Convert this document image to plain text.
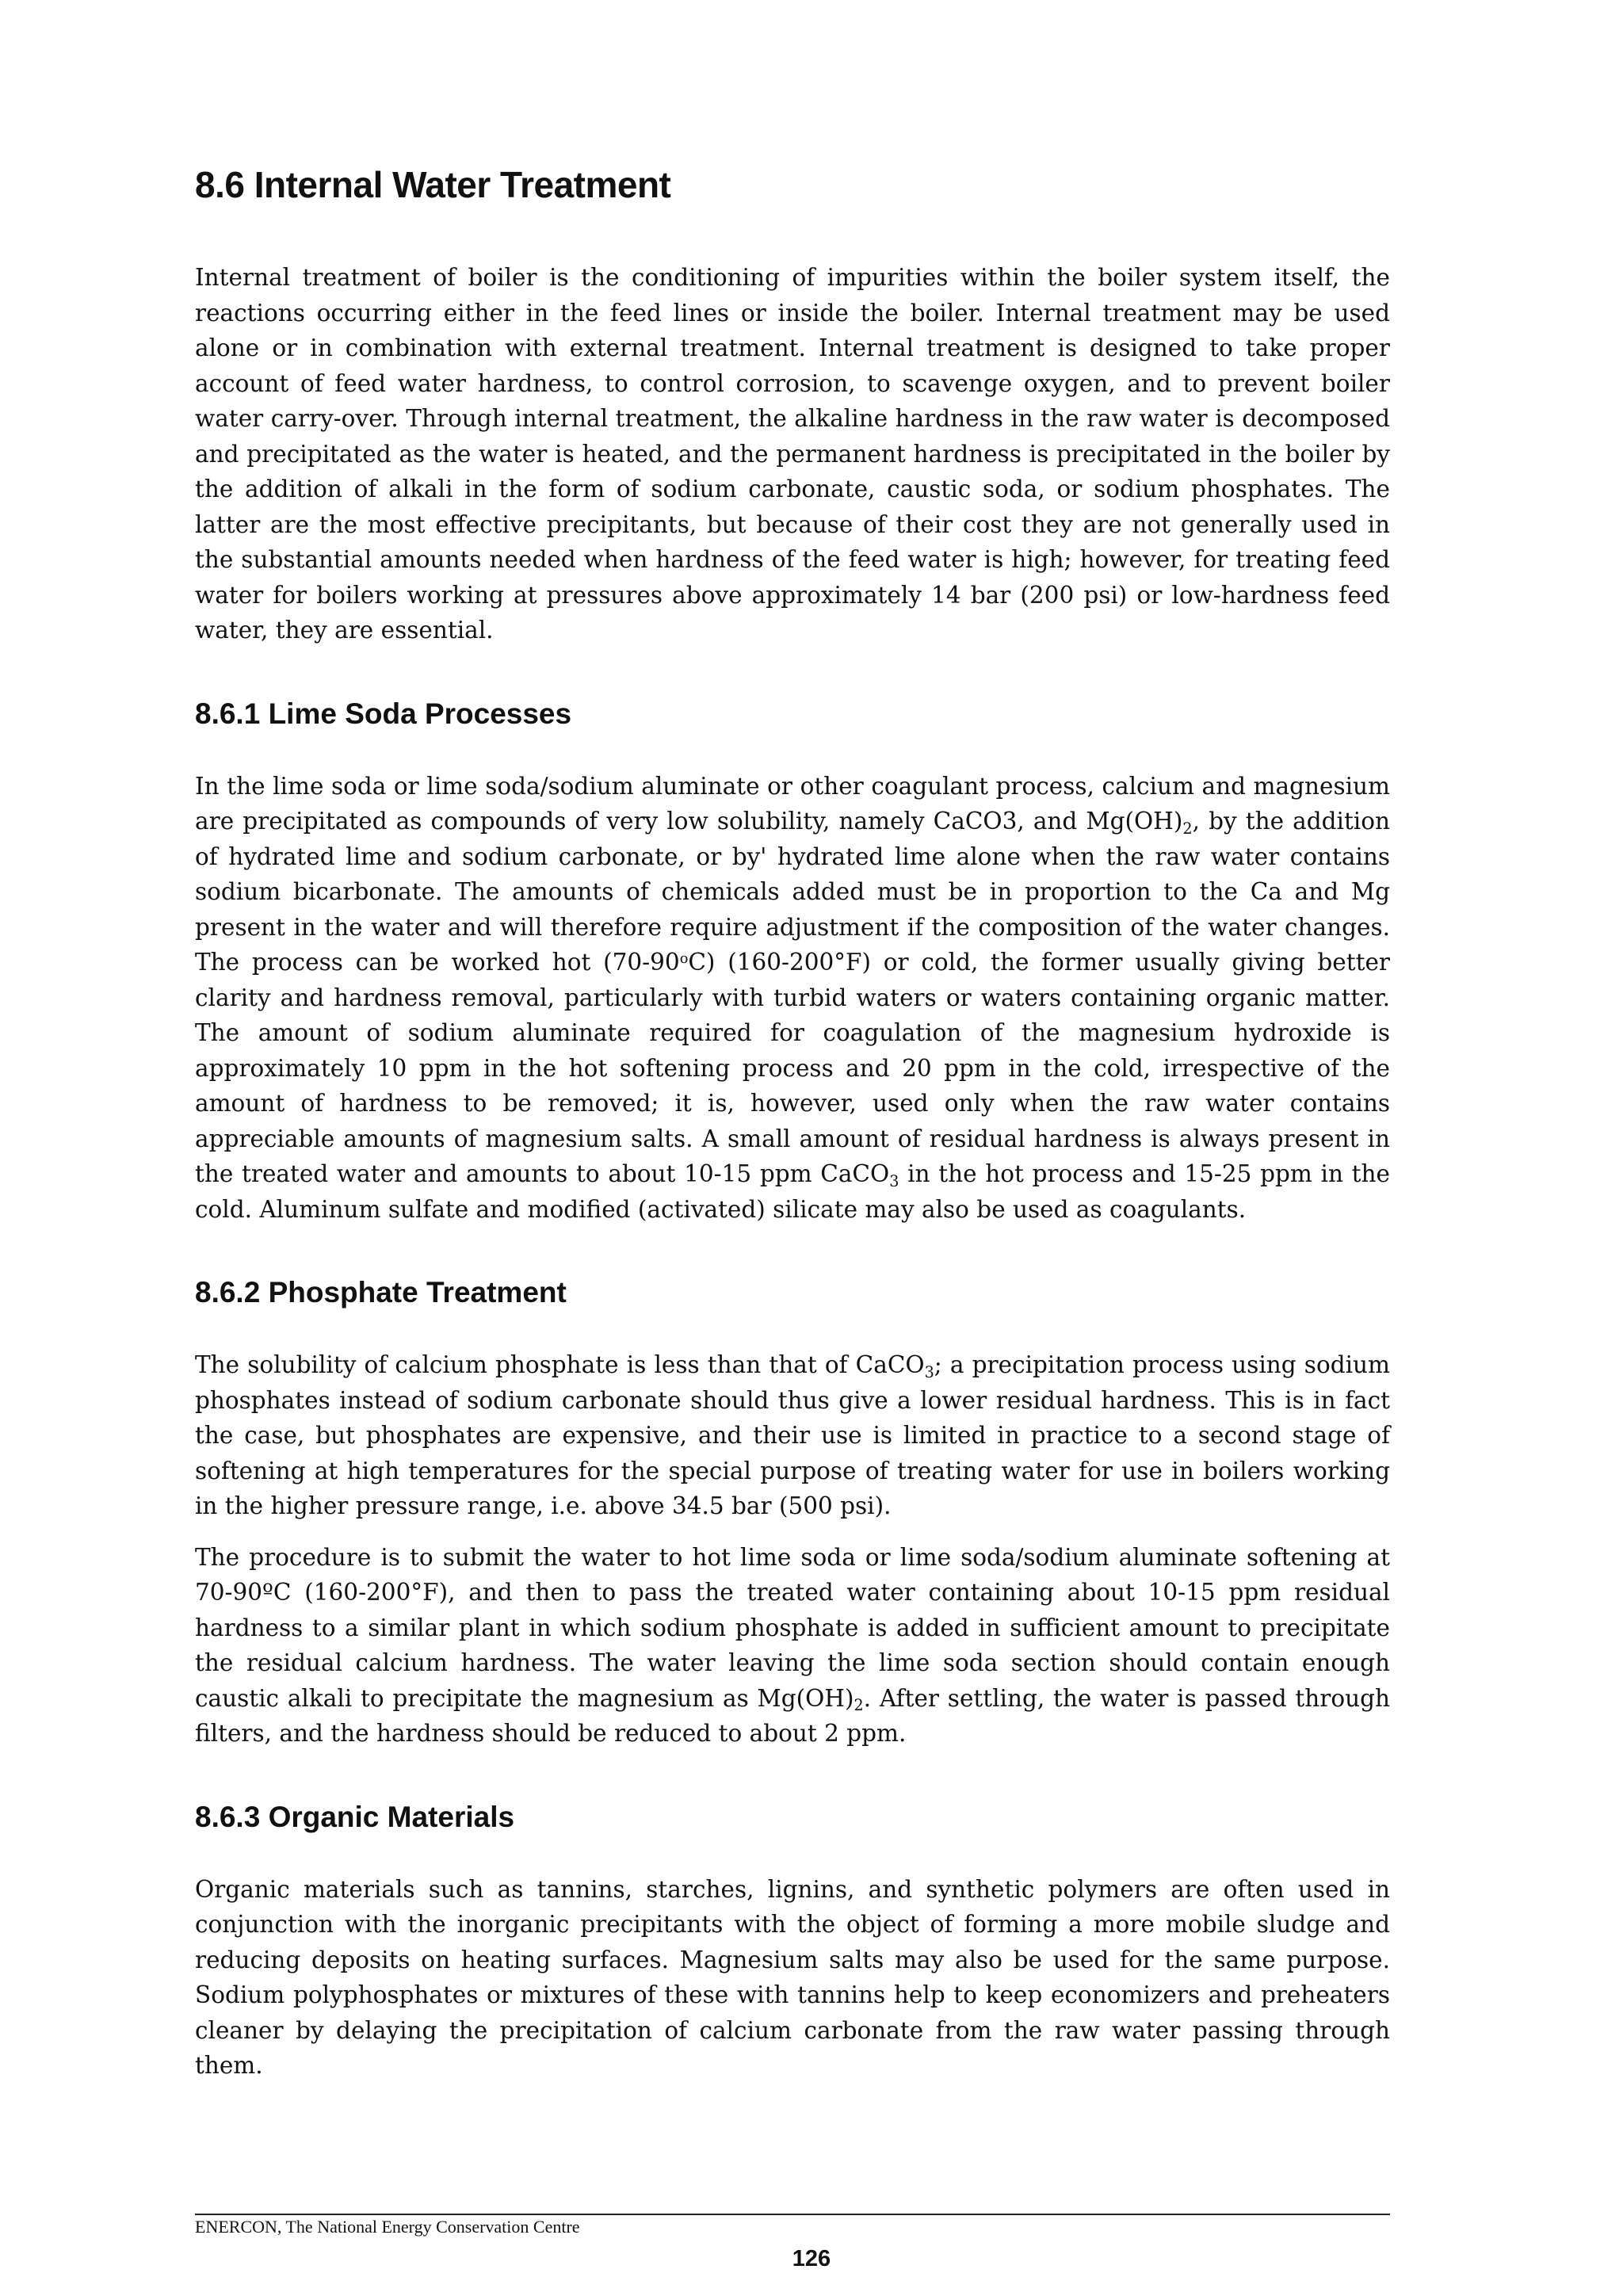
8.6 Internal Water Treatment

Internal treatment of boiler is the conditioning of impurities within the boiler system itself, the reactions occurring either in the feed lines or inside the boiler. Internal treatment may be used alone or in combination with external treatment. Internal treatment is designed to take proper account of feed water hardness, to control corrosion, to scavenge oxygen, and to prevent boiler water carry-over. Through internal treatment, the alkaline hardness in the raw water is decomposed and precipitated as the water is heated, and the permanent hardness is precipitated in the boiler by the addition of alkali in the form of sodium carbonate, caustic soda, or sodium phosphates. The latter are the most effective precipitants, but because of their cost they are not generally used in the substantial amounts needed when hardness of the feed water is high; however, for treating feed water for boilers working at pressures above approximately 14 bar (200 psi) or low-hardness feed water, they are essential.

8.6.1 Lime Soda Processes

In the lime soda or lime soda/sodium aluminate or other coagulant process, calcium and magnesium are precipitated as compounds of very low solubility, namely CaCO3, and $Mg(OH)_2$, by the addition of hydrated lime and sodium carbonate, or by' hydrated lime alone when the raw water contains sodium bicarbonate. The amounts of chemicals added must be in proportion to the Ca and Mg present in the water and will therefore require adjustment if the composition of the water changes. The process can be worked hot (70-90$^o$C) (160-200°F) or cold, the former usually giving better clarity and hardness removal, particularly with turbid waters or waters containing organic matter. The amount of sodium aluminate required for coagulation of the magnesium hydroxide is approximately 10 ppm in the hot softening process and 20 ppm in the cold, irrespective of the amount of hardness to be removed; it is, however, used only when the raw water contains appreciable amounts of magnesium salts. A small amount of residual hardness is always present in the treated water and amounts to about 10-15 ppm CaCO$_3$ in the hot process and 15-25 ppm in the cold. Aluminum sulfate and modified (activated) silicate may also be used as coagulants.

8.6.2 Phosphate Treatment

The solubility of calcium phosphate is less than that of CaCO$_3$; a precipitation process using sodium phosphates instead of sodium carbonate should thus give a lower residual hardness. This is in fact the case, but phosphates are expensive, and their use is limited in practice to a second stage of softening at high temperatures for the special purpose of treating water for use in boilers working in the higher pressure range, i.e. above 34.5 bar (500 psi).

The procedure is to submit the water to hot lime soda or lime soda/sodium aluminate softening at 70-90ºC (160-200°F), and then to pass the treated water containing about 10-15 ppm residual hardness to a similar plant in which sodium phosphate is added in sufficient amount to precipitate the residual calcium hardness. The water leaving the lime soda section should contain enough caustic alkali to precipitate the magnesium as $Mg(OH)_2$. After settling, the water is passed through filters, and the hardness should be reduced to about 2 ppm.

8.6.3 Organic Materials

Organic materials such as tannins, starches, lignins, and synthetic polymers are often used in conjunction with the inorganic precipitants with the object of forming a more mobile sludge and reducing deposits on heating surfaces. Magnesium salts may also be used for the same purpose. Sodium polyphosphates or mixtures of these with tannins help to keep economizers and preheaters cleaner by delaying the precipitation of calcium carbonate from the raw water passing through them.

ENERCON, The National Energy Conservation Centre
126
